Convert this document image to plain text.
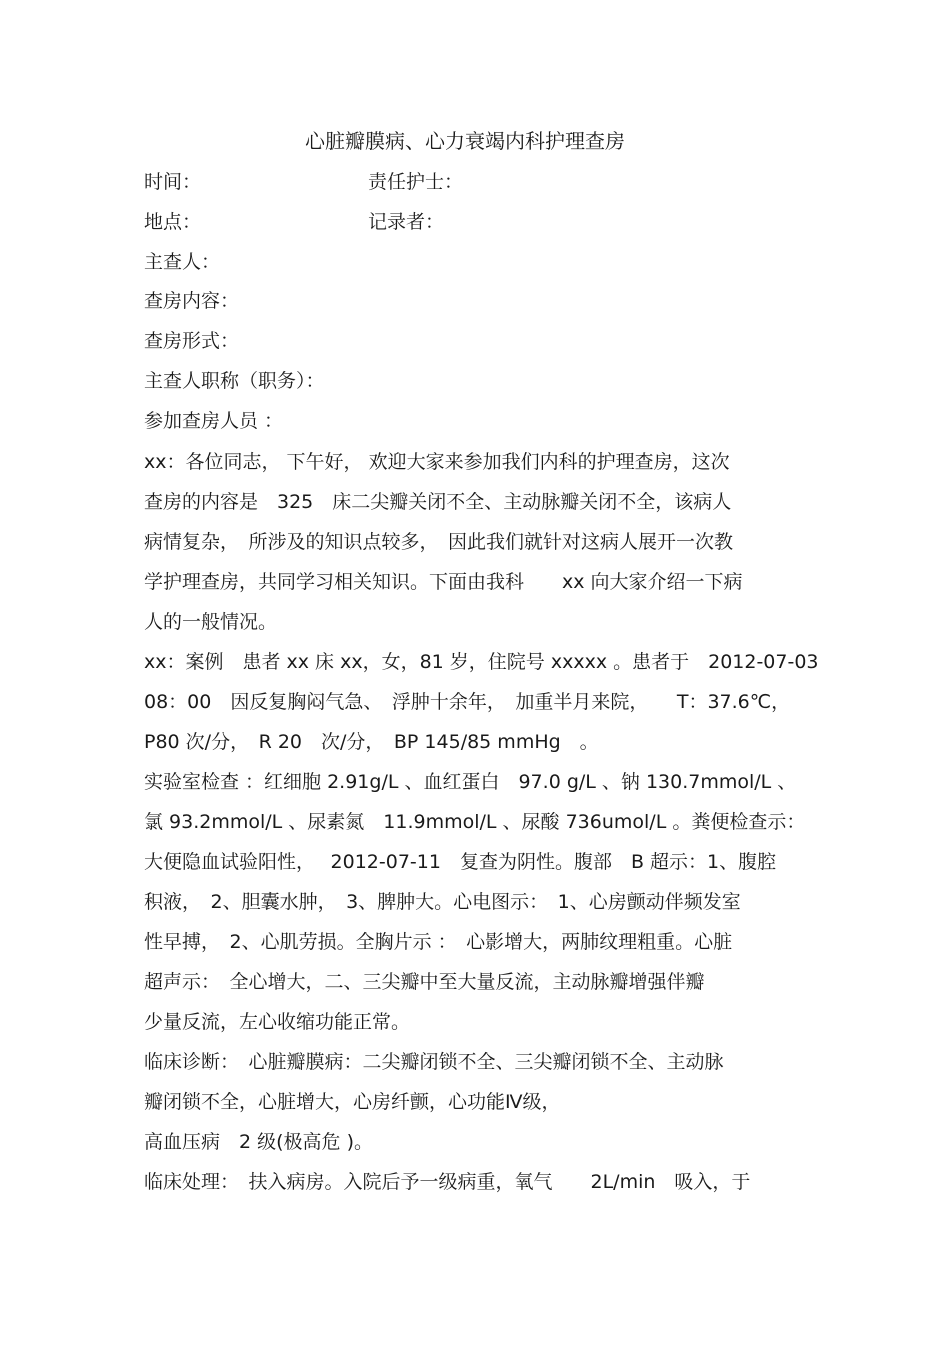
心脏瓣膜病、心力衰竭内科护理查房
时间：	责任护士：
地点：	记录者：
主查人：
查房内容：
查房形式：
主查人职称（职务）：
参加查房人员 ：
xx：各位同志， 下午好， 欢迎大家来参加我们内科的护理查房，这次
查房的内容是　325　床二尖瓣关闭不全、主动脉瓣关闭不全，该病人
病情复杂，　所涉及的知识点较多，　因此我们就针对这病人展开一次教
学护理查房，共同学习相关知识。下面由我科　　xx 向大家介绍一下病
人的一般情况。
xx：案例　患者 xx 床 xx，女，81 岁，住院号 xxxxx 。患者于　2012-07-03
08：00　因反复胸闷气急、　浮肿十余年，　加重半月来院，　　T：37.6℃，
P80 次/分，　R 20　次/分，　BP 145/85 mmHg　。
实验室检查 ：红细胞 2.91g/L 、血红蛋白　97.0 g/L 、钠 130.7mmol/L 、
氯 93.2mmol/L 、尿素氮　11.9mmol/L 、尿酸 736umol/L 。粪便检查示：
大便隐血试验阳性，　 2012-07-11　复查为阴性。腹部　B 超示：1、腹腔
积液，　2、胆囊水肿，　3、脾肿大。心电图示：　1、心房颤动伴频发室
性早搏，　2、心肌劳损。全胸片示 ：　心影增大，两肺纹理粗重。心脏
超声示：　全心增大，二、三尖瓣中至大量反流，主动脉瓣增强伴瓣
少量反流，左心收缩功能正常。
临床诊断：　心脏瓣膜病：二尖瓣闭锁不全、三尖瓣闭锁不全、主动脉
瓣闭锁不全，心脏增大，心房纤颤，心功能Ⅳ级，
高血压病　2 级(极高危 )。
临床处理：　扶入病房。入院后予一级病重，氧气　　2L/min　吸入，于
